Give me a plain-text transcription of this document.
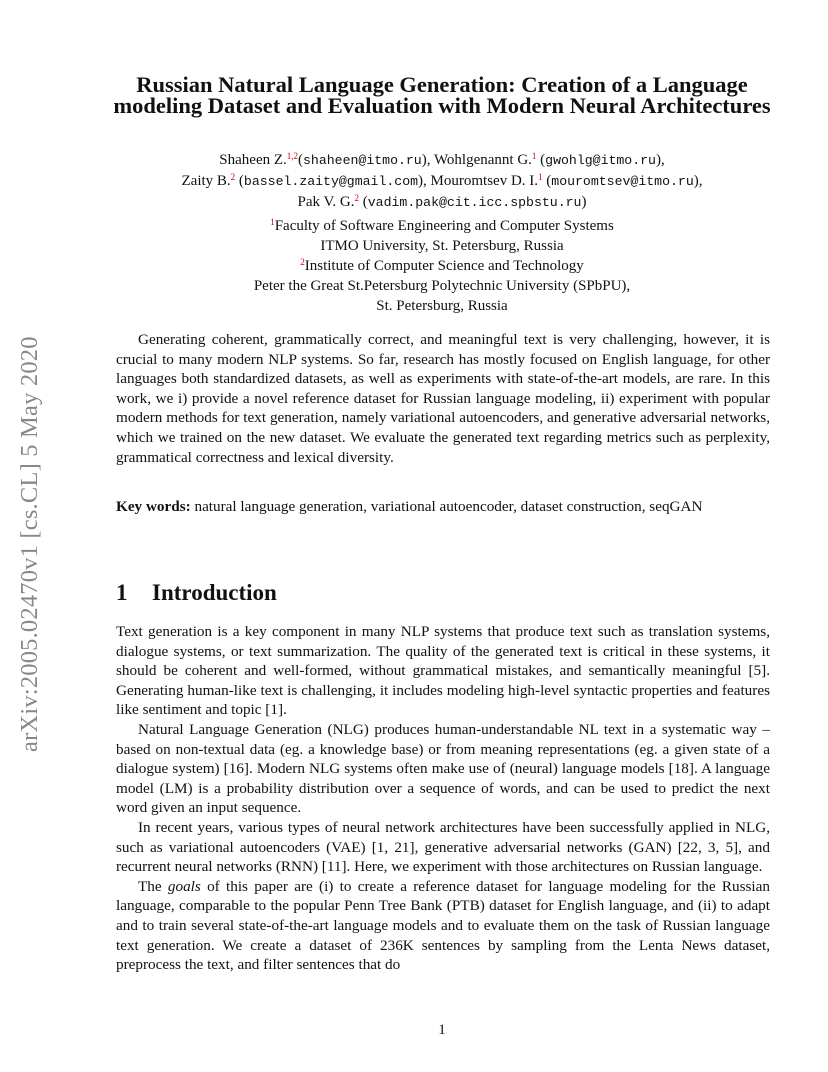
arXiv:2005.02470v1 [cs.CL] 5 May 2020
Russian Natural Language Generation: Creation of a Language modeling Dataset and Evaluation with Modern Neural Architectures
Shaheen Z.$^{1,2}$(shaheen@itmo.ru), Wohlgenannt G.$^1$ (gwohlg@itmo.ru),
Zaity B.$^2$ (bassel.zaity@gmail.com), Mouromtsev D. I.$^1$ (mouromtsev@itmo.ru),
Pak V. G.$^2$ (vadim.pak@cit.icc.spbstu.ru)
$^1$Faculty of Software Engineering and Computer Systems
ITMO University, St. Petersburg, Russia
$^2$Institute of Computer Science and Technology
Peter the Great St.Petersburg Polytechnic University (SPbPU),
St. Petersburg, Russia

Generating coherent, grammatically correct, and meaningful text is very challenging, however, it is crucial to many modern NLP systems. So far, research has mostly focused on English language, for other languages both standardized datasets, as well as experiments with state-of-the-art models, are rare. In this work, we i) provide a novel reference dataset for Russian language modeling, ii) experiment with popular modern methods for text generation, namely variational autoencoders, and generative adversarial networks, which we trained on the new dataset. We evaluate the generated text regarding metrics such as perplexity, grammatical correctness and lexical diversity.

Key words: natural language generation, variational autoencoder, dataset construction, seqGAN
1 Introduction

Text generation is a key component in many NLP systems that produce text such as translation systems, dialogue systems, or text summarization. The quality of the generated text is critical in these systems, it should be coherent and well-formed, without grammatical mistakes, and semantically meaningful [5]. Generating human-like text is challenging, it includes modeling high-level syntactic properties and features like sentiment and topic [1].

Natural Language Generation (NLG) produces human-understandable NL text in a systematic way – based on non-textual data (eg. a knowledge base) or from meaning representations (eg. a given state of a dialogue system) [16]. Modern NLG systems often make use of (neural) language models [18]. A language model (LM) is a probability distribution over a sequence of words, and can be used to predict the next word given an input sequence.

In recent years, various types of neural network architectures have been successfully applied in NLG, such as variational autoencoders (VAE) [1, 21], generative adversarial networks (GAN) [22, 3, 5], and recurrent neural networks (RNN) [11]. Here, we experiment with those architectures on Russian language.

The goals of this paper are (i) to create a reference dataset for language modeling for the Russian language, comparable to the popular Penn Tree Bank (PTB) dataset for English language, and (ii) to adapt and to train several state-of-the-art language models and to evaluate them on the task of Russian language text generation. We create a dataset of 236K sentences by sampling from the Lenta News dataset, preprocess the text, and filter sentences that do

1
